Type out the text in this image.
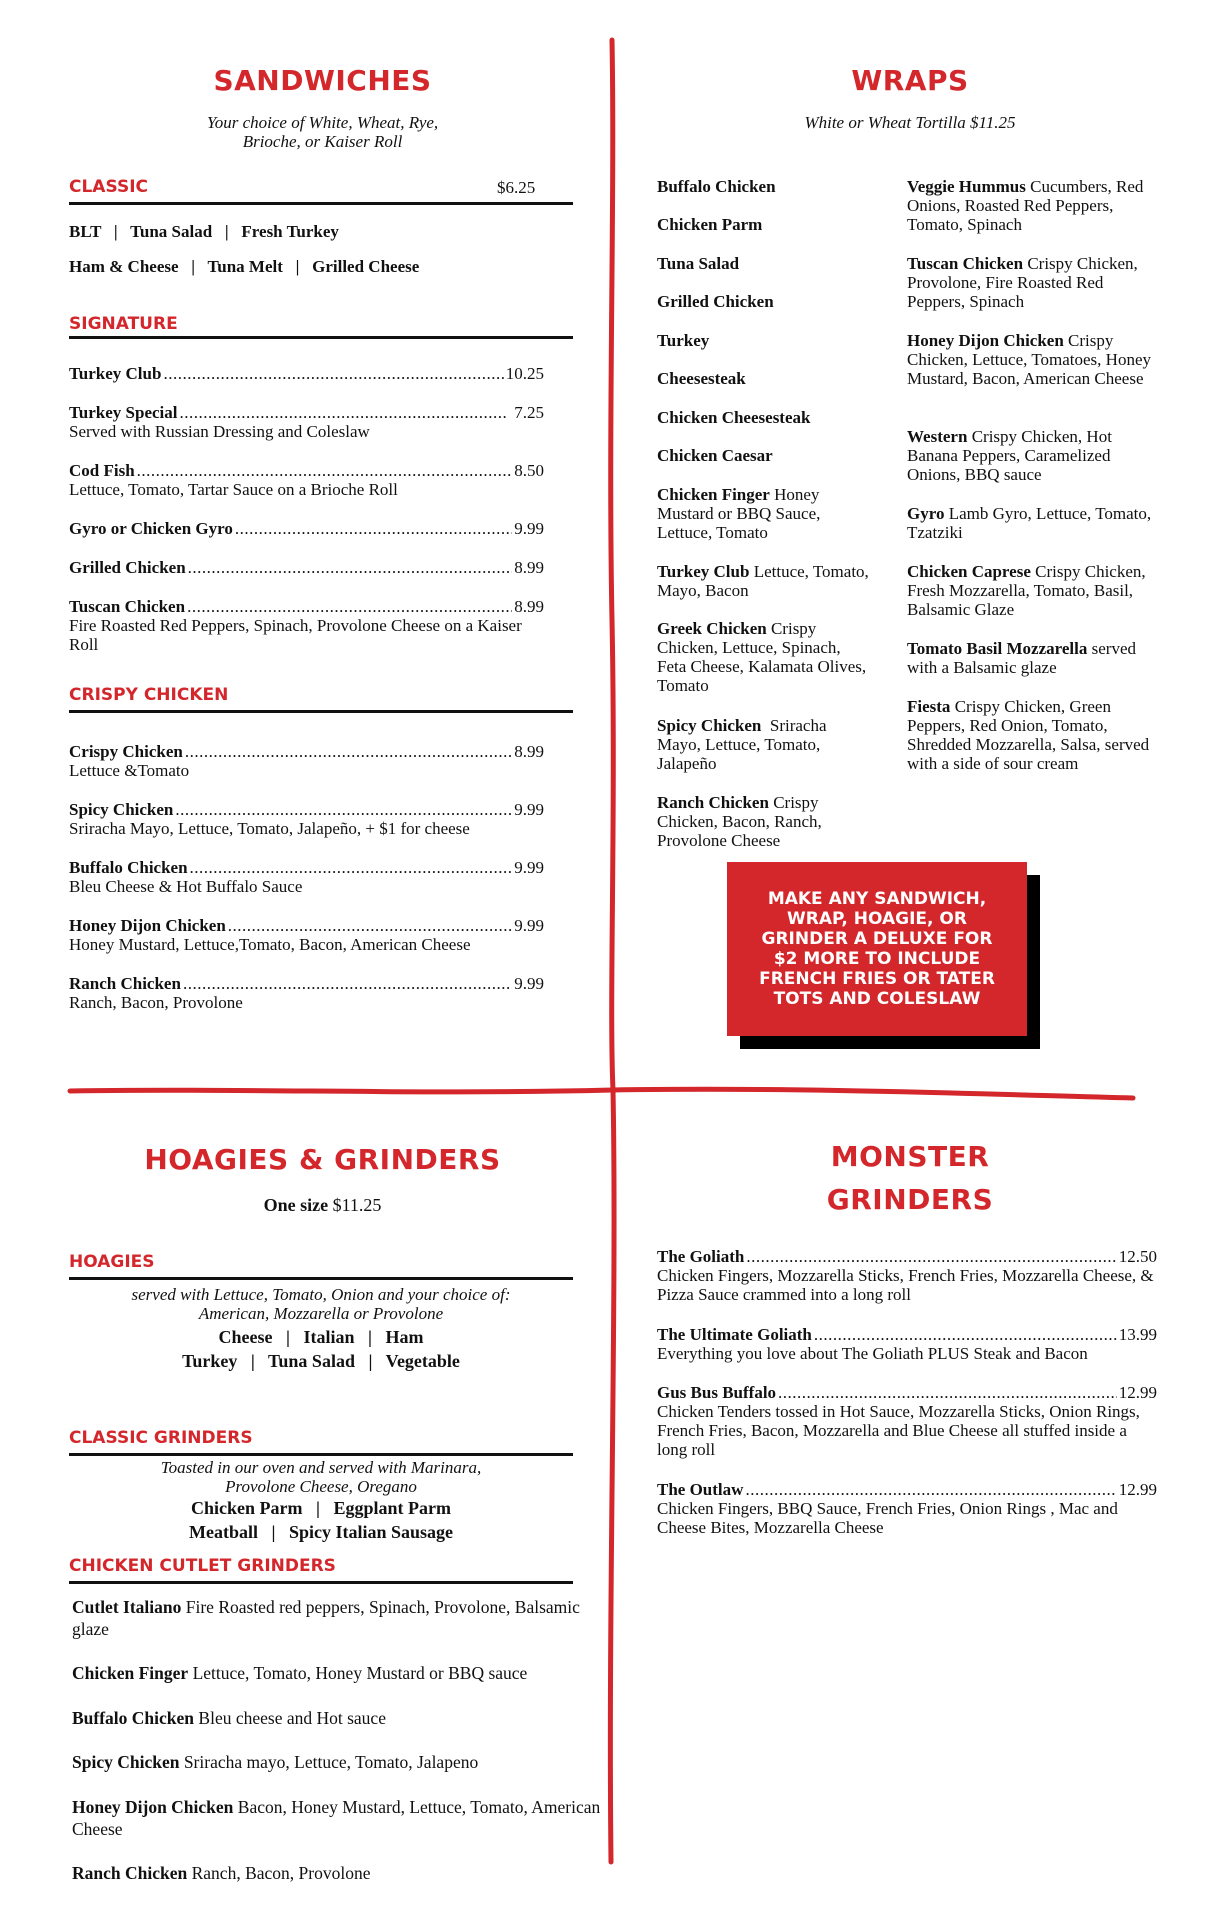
SANDWICHES
Your choice of White, Wheat, Rye,
Brioche, or Kaiser Roll
CLASSIC	$6.25
BLT   |   Tuna Salad   |   Fresh Turkey
Ham & Cheese   |   Tuna Melt   |   Grilled Cheese
SIGNATURE
Turkey Club .....	10.25
Turkey Special .....	7.25
Served with Russian Dressing and Coleslaw
Cod Fish .....	8.50
Lettuce, Tomato, Tartar Sauce on a Brioche Roll
Gyro or Chicken Gyro .....	9.99
Grilled Chicken .....	8.99
Tuscan Chicken .....	8.99
Fire Roasted Red Peppers, Spinach, Provolone Cheese on a Kaiser Roll
CRISPY CHICKEN
Crispy Chicken .....	8.99
Lettuce &Tomato
Spicy Chicken .....	9.99
Sriracha Mayo, Lettuce, Tomato, Jalapeño, + $1 for cheese
Buffalo Chicken .....	9.99
Bleu Cheese & Hot Buffalo Sauce
Honey Dijon Chicken .....	9.99
Honey Mustard, Lettuce,Tomato, Bacon, American Cheese
Ranch Chicken .....	9.99
Ranch, Bacon, Provolone
WRAPS
White or Wheat Tortilla $11.25
Buffalo Chicken
Chicken Parm
Tuna Salad
Grilled Chicken
Turkey
Cheesesteak
Chicken Cheesesteak
Chicken Caesar
Chicken Finger Honey Mustard or BBQ Sauce, Lettuce, Tomato
Turkey Club Lettuce, Tomato, Mayo, Bacon
Greek Chicken Crispy Chicken, Lettuce, Spinach, Feta Cheese, Kalamata Olives, Tomato
Spicy Chicken  Sriracha Mayo, Lettuce, Tomato, Jalapeño
Ranch Chicken Crispy Chicken, Bacon, Ranch, Provolone Cheese
Veggie Hummus Cucumbers, Red Onions, Roasted Red Peppers, Tomato, Spinach
Tuscan Chicken Crispy Chicken, Provolone, Fire Roasted Red Peppers, Spinach
Honey Dijon Chicken Crispy Chicken, Lettuce, Tomatoes, Honey Mustard, Bacon, American Cheese
Western Crispy Chicken, Hot Banana Peppers, Caramelized Onions, BBQ sauce
Gyro Lamb Gyro, Lettuce, Tomato, Tzatziki
Chicken Caprese Crispy Chicken, Fresh Mozzarella, Tomato, Basil, Balsamic Glaze
Tomato Basil Mozzarella served with a Balsamic glaze
Fiesta Crispy Chicken, Green Peppers, Red Onion, Tomato, Shredded Mozzarella, Salsa, served with a side of sour cream
MAKE ANY SANDWICH, WRAP, HOAGIE, OR GRINDER A DELUXE FOR $2 MORE TO INCLUDE FRENCH FRIES OR TATER TOTS AND COLESLAW
HOAGIES & GRINDERS
One size $11.25
HOAGIES
served with Lettuce, Tomato, Onion and your choice of:
American, Mozzarella or Provolone
Cheese   |   Italian   |   Ham
Turkey   |   Tuna Salad   |   Vegetable
CLASSIC GRINDERS
Toasted in our oven and served with Marinara,
Provolone Cheese, Oregano
Chicken Parm   |   Eggplant Parm
Meatball   |   Spicy Italian Sausage
CHICKEN CUTLET GRINDERS
Cutlet Italiano Fire Roasted red peppers, Spinach, Provolone, Balsamic glaze
Chicken Finger Lettuce, Tomato, Honey Mustard or BBQ sauce
Buffalo Chicken Bleu cheese and Hot sauce
Spicy Chicken Sriracha mayo, Lettuce, Tomato, Jalapeno
Honey Dijon Chicken Bacon, Honey Mustard, Lettuce, Tomato, American Cheese
Ranch Chicken Ranch, Bacon, Provolone
MONSTER
GRINDERS
The Goliath .....	12.50
Chicken Fingers, Mozzarella Sticks, French Fries, Mozzarella Cheese, & Pizza Sauce crammed into a long roll
The Ultimate Goliath .....	13.99
Everything you love about The Goliath PLUS Steak and Bacon
Gus Bus Buffalo .....	12.99
Chicken Tenders tossed in Hot Sauce, Mozzarella Sticks, Onion Rings, French Fries, Bacon, Mozzarella and Blue Cheese all stuffed inside a long roll
The Outlaw .....	12.99
Chicken Fingers, BBQ Sauce, French Fries, Onion Rings , Mac and Cheese Bites, Mozzarella Cheese
